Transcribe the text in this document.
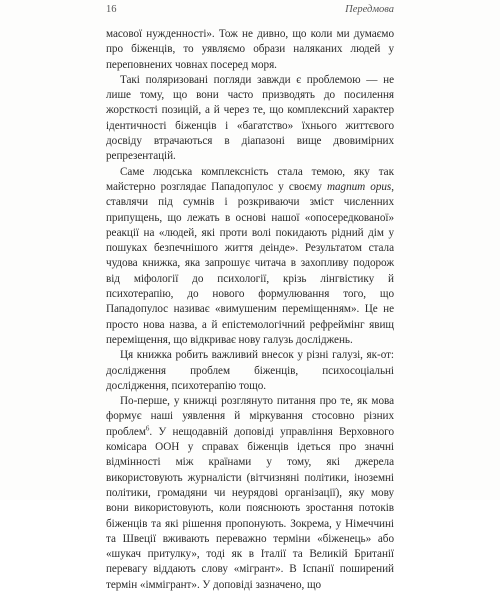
16	Передмова

масової нужденності». Тож не дивно, що коли ми думаємо про біженців, то уявляємо образи наляканих людей у переповнених човнах посеред моря.

Такі поляризовані погляди завжди є проблемою — не лише тому, що вони часто призводять до посилення жорсткості позицій, а й через те, що комплексний характер ідентичності біженців і «багатство» їхнього життєвого досвіду втрачаються в діапазоні вище двовимірних репрезентацій.

Саме людська комплексність стала темою, яку так майстерно розглядає Пападопулос у своєму magnum opus, ставлячи під сумнів і розкриваючи зміст численних припущень, що лежать в основі нашої «опосередкованої» реакції на «людей, які проти волі покидають рідний дім у пошуках безпечнішого життя деінде». Результатом стала чудова книжка, яка запрошує читача в захопливу подорож від міфології до психології, крізь лінгвістику й психотерапію, до нового формулювання того, що Пападопулос називає «вимушеним переміщенням». Це не просто нова назва, а й епістемологічний рефреймінг явищ переміщення, що відкриває нову галузь досліджень.

Ця книжка робить важливий внесок у різні галузі, як-от: дослідження проблем біженців, психосоціальні дослідження, психотерапію тощо.

По-перше, у книжці розглянуто питання про те, як мова формує наші уявлення й міркування стосовно різних проблем$^6$. У нещодавній доповіді управління Верховного комісара ООН у справах біженців ідеться про значні відмінності між країнами у тому, які джерела використовують журналісти (вітчизняні політики, іноземні політики, громадяни чи неурядові організації), яку мову вони використовують, коли пояснюють зростання потоків біженців та які рішення пропонують. Зокрема, у Німеччині та Швеції вживають переважно терміни «біженець» або «шукач притулку», тоді як в Італії та Великій Британії перевагу віддають слову «мігрант». В Іспанії поширений термін «іммігрант». У доповіді зазначено, що
